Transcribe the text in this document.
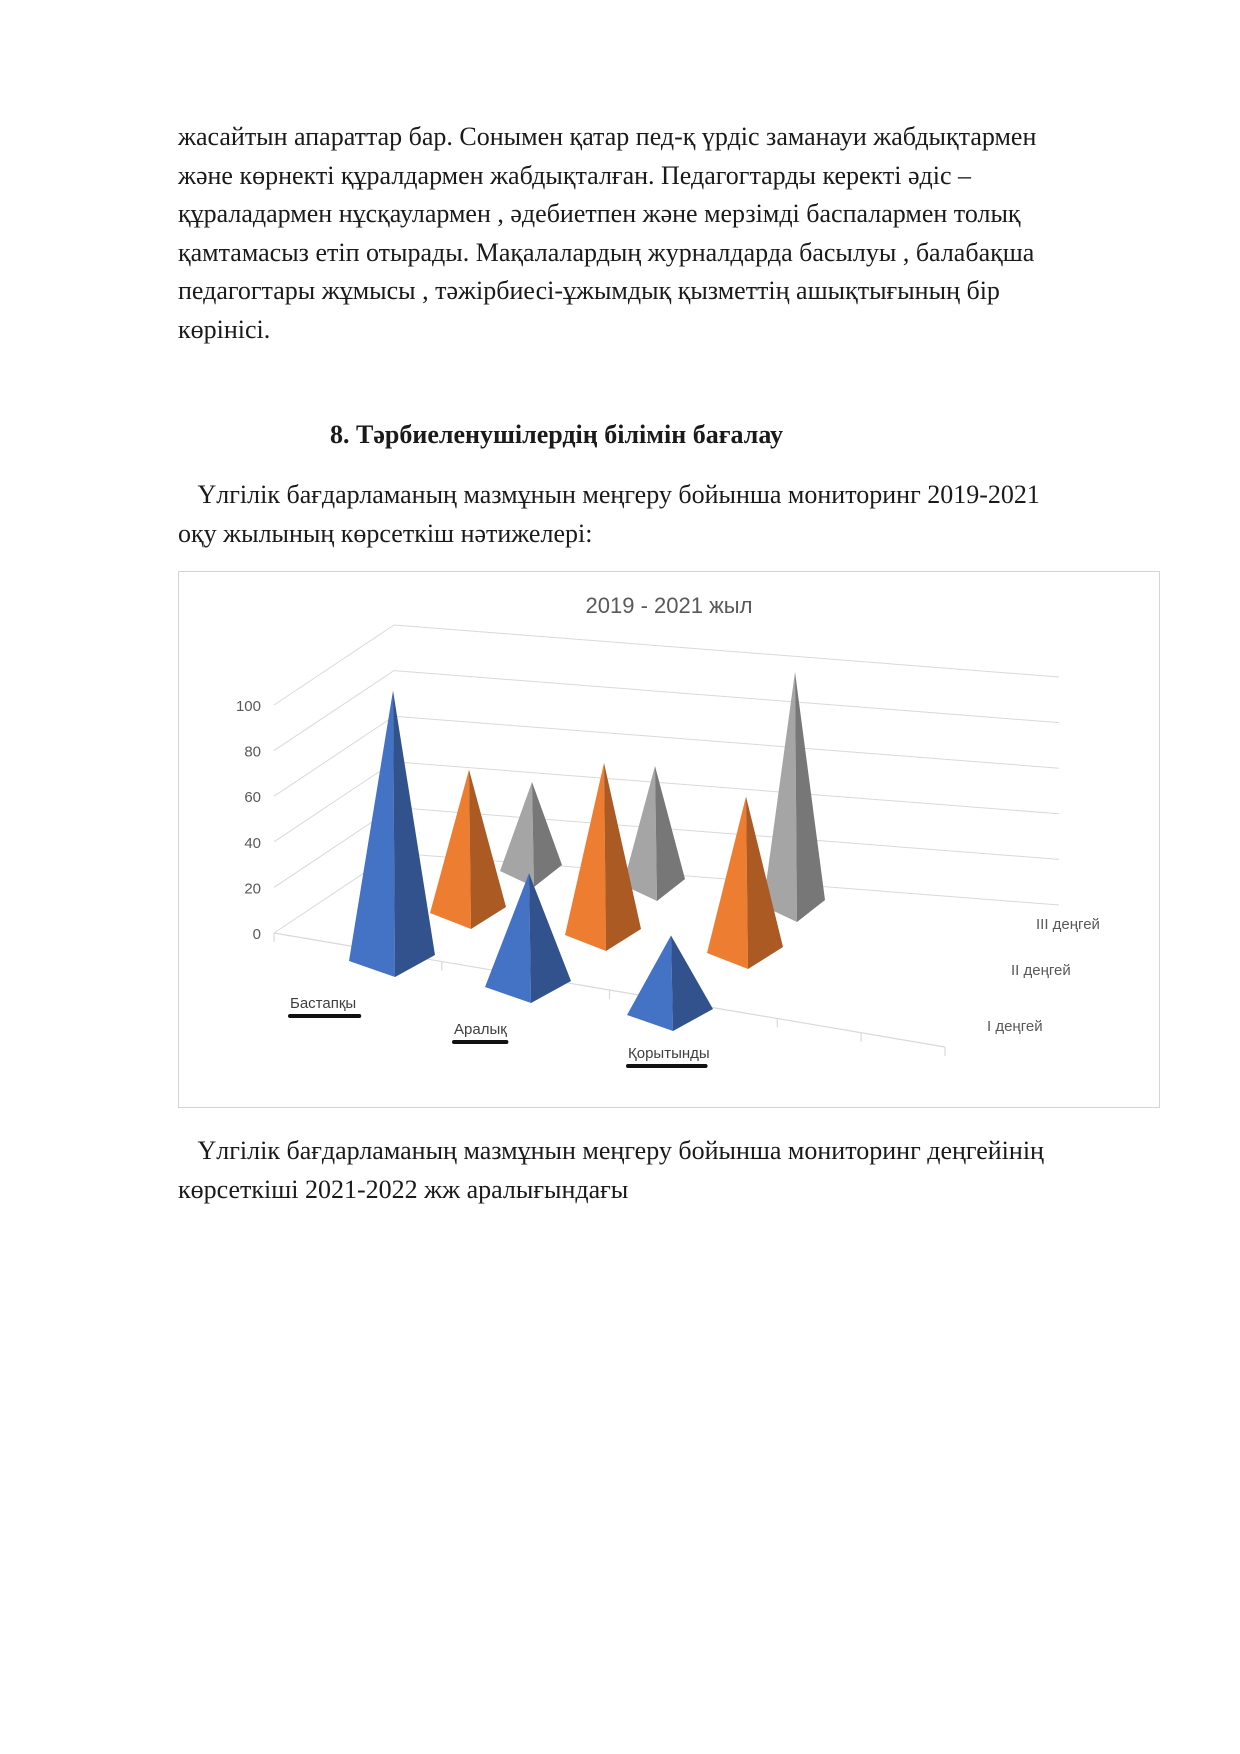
жасайтын апараттар бар. Сонымен қатар пед-қ үрдіс заманауи жабдықтармен
және көрнекті құралдармен жабдықталған. Педагогтарды керекті әдіс –
құраладармен нұсқаулармен , әдебиетпен және мерзімді баспалармен толық
қамтамасыз етіп отырады. Мақалалардың журналдарда басылуы , балабақша
педагогтары жұмысы , тәжірбиесі-ұжымдық қызметтің ашықтығының бір
көрінісі.

8. Тәрбиеленушілердің білімін бағалау

Үлгілік бағдарламаның мазмұнын меңгеру бойынша мониторинг 2019-2021
оқу жылының көрсеткіш нәтижелері:

2019 - 2021 жыл
0
20
40
60
80
100
Бастапқы
Аралық
Қорытынды
I деңгей
II деңгей
III деңгей

Үлгілік бағдарламаның мазмұнын меңгеру бойынша мониторинг деңгейінің
көрсеткіші 2021-2022 жж аралығындағы
